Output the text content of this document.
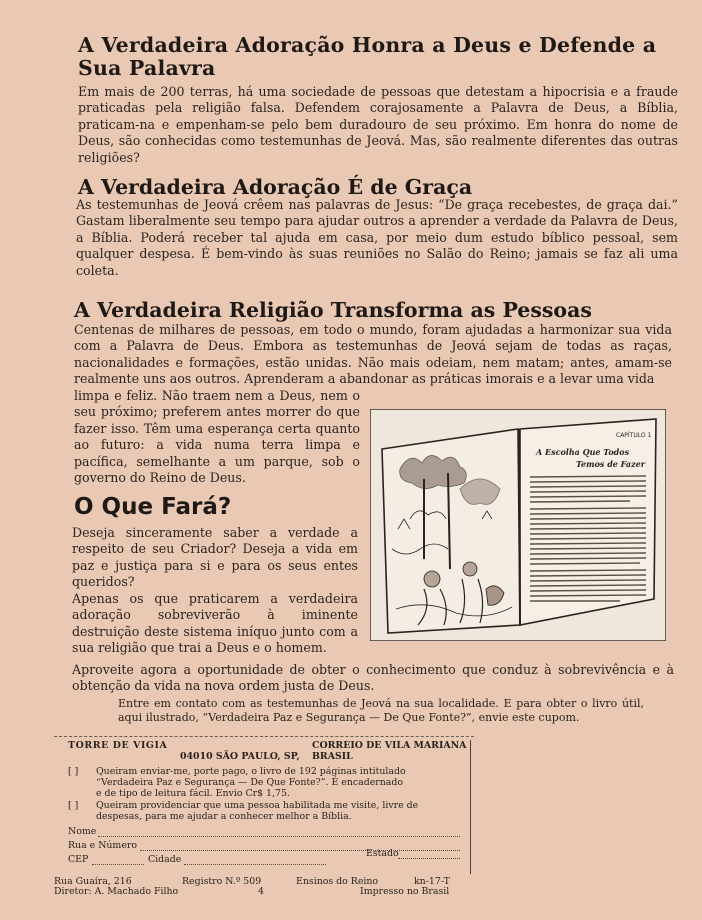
A Verdadeira Adoração Honra a Deus e Defende a Sua Palavra

Em mais de 200 terras, há uma sociedade de pessoas que detestam a hipocrisia e a fraude praticadas pela religião falsa. Defendem corajosamente a Palavra de Deus, a Bíblia, praticam-na e empenham-se pelo bem duradouro de seu próximo. Em honra do nome de Deus, são conhecidas como testemunhas de Jeová. Mas, são realmente diferentes das outras religiões?

A Verdadeira Adoração É de Graça

As testemunhas de Jeová crêem nas palavras de Jesus: “De graça recebestes, de graça dai.” Gastam liberalmente seu tempo para ajudar outros a aprender a verdade da Palavra de Deus, a Bíblia. Poderá receber tal ajuda em casa, por meio dum estudo bíblico pessoal, sem qualquer despesa. É bem-vindo às suas reuniões no Salão do Reino; jamais se faz ali uma coleta.

A Verdadeira Religião Transforma as Pessoas

Centenas de milhares de pessoas, em todo o mundo, foram ajudadas a harmonizar sua vida com a Palavra de Deus. Embora as testemunhas de Jeová sejam de todas as raças, nacionalidades e formações, estão unidas. Não mais odeiam, nem matam; antes, amam-se realmente uns aos outros. Aprenderam a abandonar as práticas imorais e a levar uma vida

limpa e feliz. Não traem nem a Deus, nem o seu próximo; preferem antes morrer do que fazer isso. Têm uma esperança certa quanto ao futuro: a vida numa terra limpa e pacífica, semelhante a um parque, sob o governo do Reino de Deus.

O Que Fará?

Deseja sinceramente saber a verdade a respeito de seu Criador? Deseja a vida em paz e justiça para si e para os seus entes queridos?

Apenas os que praticarem a verdadeira adoração sobreviverão à iminente destruição deste sistema iníquo junto com a sua religião que trai a Deus e o homem.

Aproveite agora a oportunidade de obter o conhecimento que conduz à sobrevivência e à obtenção da vida na nova ordem justa de Deus.

CAPÍTULO 1
A Escolha Que Todos
Temos de Fazer

Entre em contato com as testemunhas de Jeová na sua localidade. E para obter o livro útil, aqui ilustrado, “Verdadeira Paz e Segurança — De Que Fonte?”, envie este cupom.

TORRE DE VIGIA	CORREIO DE VILA MARIANA
04010 SÃO PAULO, SP, BRASIL
[ ] Queiram enviar-me, porte pago, o livro de 192 páginas intitulado
“Verdadeira Paz e Segurança — De Que Fonte?”. É encadernado
e de tipo de leitura fácil. Envio Cr$ 1,75.
[ ] Queiram providenciar que uma pessoa habilitada me visite, livre de
despesas, para me ajudar a conhecer melhor a Bíblia.
Nome
Rua e Número
CEP	Cidade
Estado
Rua Guaíra, 216
Diretor: A. Machado Filho
Registro N.º 509
4
Ensinos do Reino	kn-17-T
Impresso no Brasil
